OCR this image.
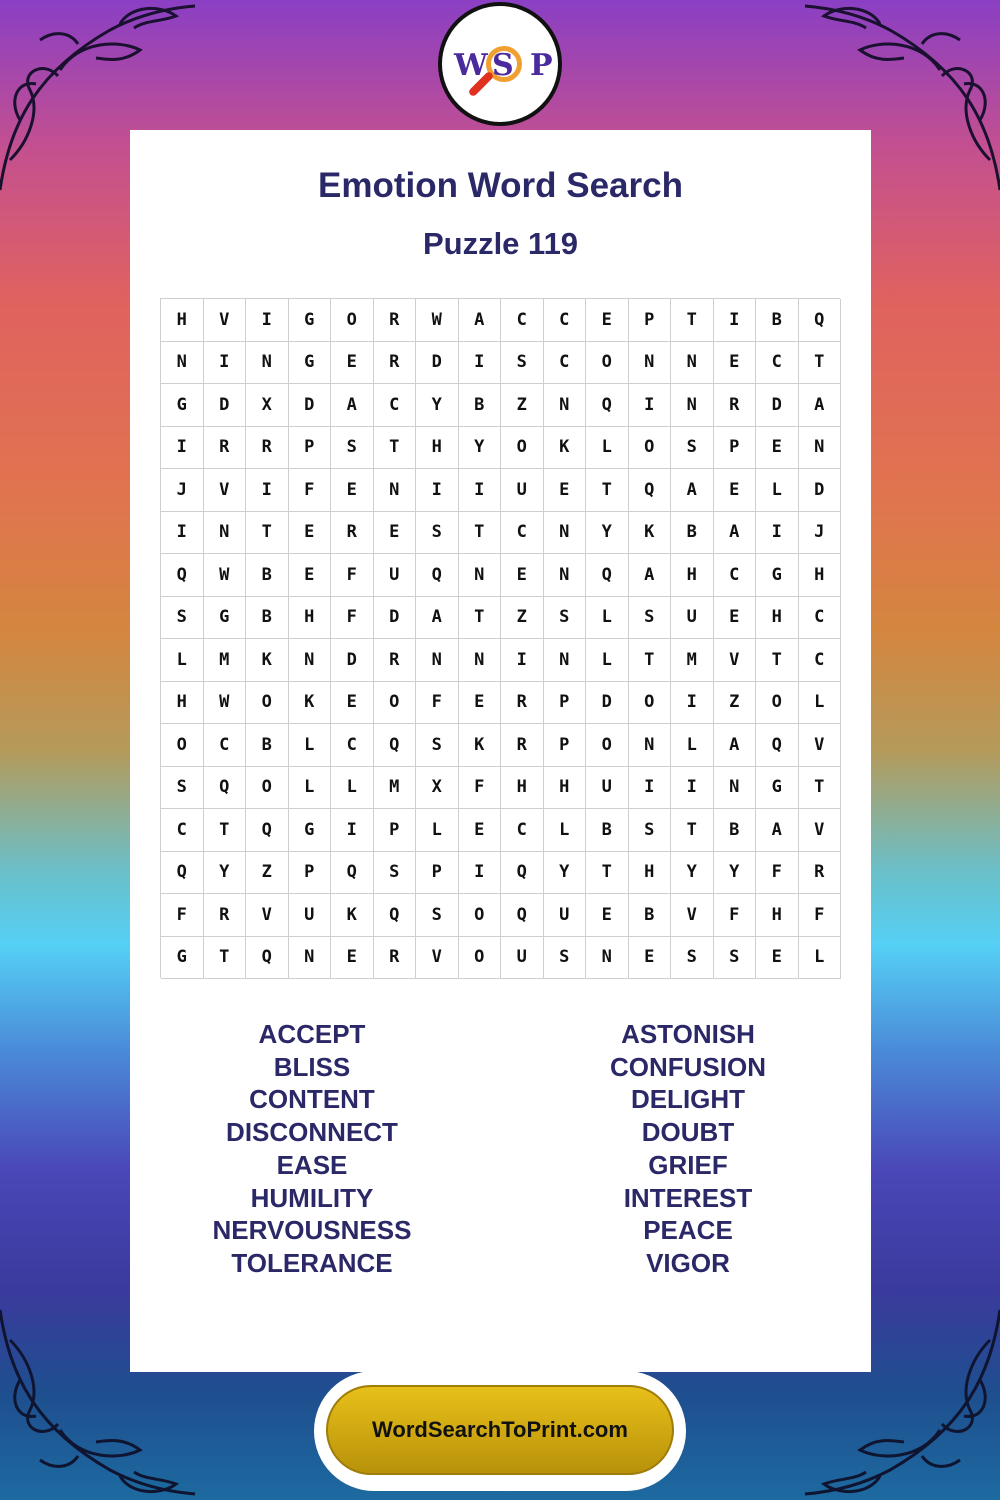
W S P
Emotion Word Search
Puzzle 119
H	V	I	G	O	R	W	A	C	C	E	P	T	I	B	Q
N	I	N	G	E	R	D	I	S	C	O	N	N	E	C	T
G	D	X	D	A	C	Y	B	Z	N	Q	I	N	R	D	A
I	R	R	P	S	T	H	Y	O	K	L	O	S	P	E	N
J	V	I	F	E	N	I	I	U	E	T	Q	A	E	L	D
I	N	T	E	R	E	S	T	C	N	Y	K	B	A	I	J
Q	W	B	E	F	U	Q	N	E	N	Q	A	H	C	G	H
S	G	B	H	F	D	A	T	Z	S	L	S	U	E	H	C
L	M	K	N	D	R	N	N	I	N	L	T	M	V	T	C
H	W	O	K	E	O	F	E	R	P	D	O	I	Z	O	L
O	C	B	L	C	Q	S	K	R	P	O	N	L	A	Q	V
S	Q	O	L	L	M	X	F	H	H	U	I	I	N	G	T
C	T	Q	G	I	P	L	E	C	L	B	S	T	B	A	V
Q	Y	Z	P	Q	S	P	I	Q	Y	T	H	Y	Y	F	R
F	R	V	U	K	Q	S	O	Q	U	E	B	V	F	H	F
G	T	Q	N	E	R	V	O	U	S	N	E	S	S	E	L
ACCEPT
BLISS
CONTENT
DISCONNECT
EASE
HUMILITY
NERVOUSNESS
TOLERANCE
ASTONISH
CONFUSION
DELIGHT
DOUBT
GRIEF
INTEREST
PEACE
VIGOR
WordSearchToPrint.com
